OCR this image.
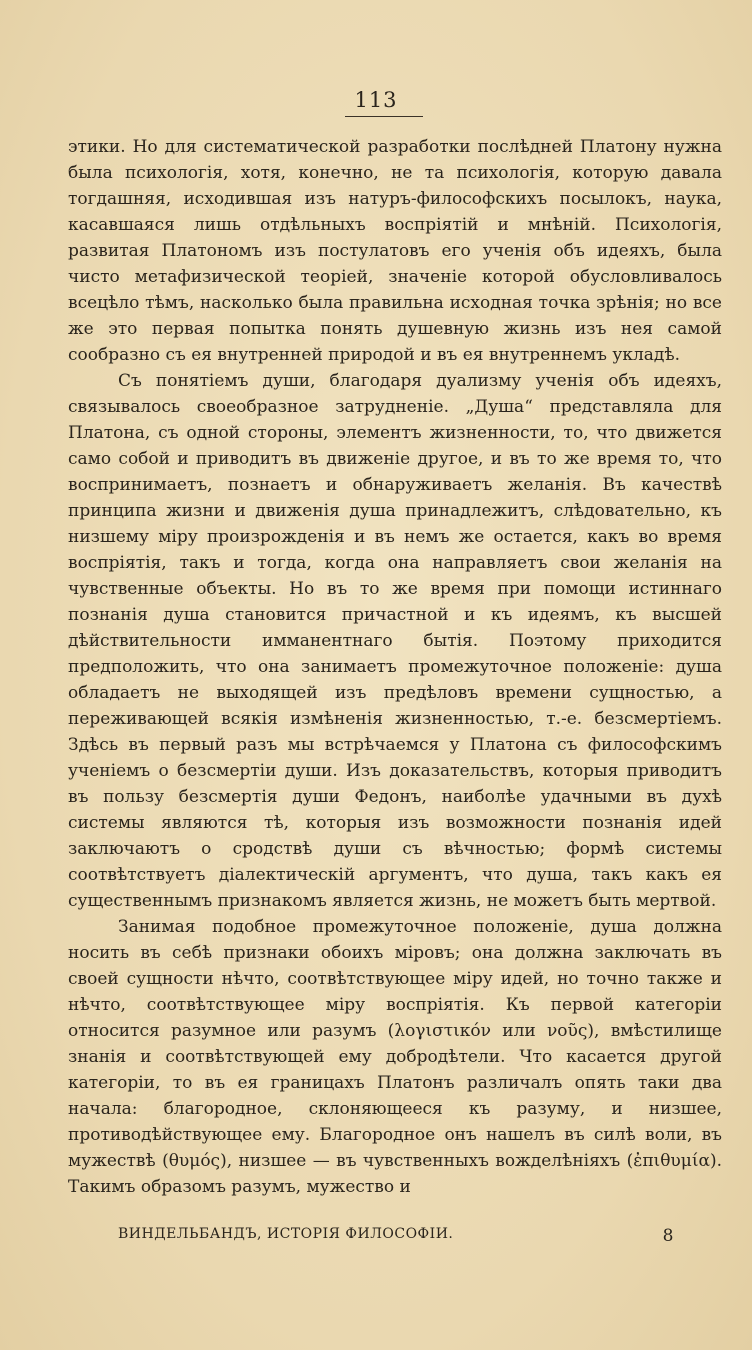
113

этики. Но для систематической разработки послѣдней Платону нужна была психологія, хотя, конечно, не та психологія, которую давала тогдашняя, исходившая изъ натуръ-философскихъ посылокъ, наука, касавшаяся лишь отдѣльныхъ воспріятій и мнѣній. Психологія, развитая Платономъ изъ постулатовъ его ученія объ идеяхъ, была чисто метафизической теоріей, значеніе которой обусловливалось всецѣло тѣмъ, насколько была правильна исходная точка зрѣнія; но все же это первая попытка понять душевную жизнь изъ нея самой сообразно съ ея внутренней природой и въ ея внутреннемъ укладѣ.

Съ понятіемъ души, благодаря дуализму ученія объ идеяхъ, связывалось своеобразное затрудненіе. „Душа“ представляла для Платона, съ одной стороны, элементъ жизненности, то, что движется само собой и приводитъ въ движеніе другое, и въ то же время то, что воспринимаетъ, познаетъ и обнаруживаетъ желанія. Въ качествѣ принципа жизни и движенія душа принадлежитъ, слѣдовательно, къ низшему міру произрожденія и въ немъ же остается, какъ во время воспріятія, такъ и тогда, когда она направляетъ свои желанія на чувственные объекты. Но въ то же время при помощи истиннаго познанія душа становится причастной и къ идеямъ, къ высшей дѣйствительности имманентнаго бытія. Поэтому приходится предположить, что она занимаетъ промежуточное положеніе: душа обладаетъ не выходящей изъ предѣловъ времени сущностью, а переживающей всякія измѣненія жизненностью, т.-е. безсмертіемъ. Здѣсь въ первый разъ мы встрѣчаемся у Платона съ философскимъ ученіемъ о безсмертіи души. Изъ доказательствъ, которыя приводитъ въ пользу безсмертія души Федонъ, наиболѣе удачными въ духѣ системы являются тѣ, которыя изъ возможности познанія идей заключаютъ о сродствѣ души съ вѣчностью; формѣ системы соотвѣтствуетъ діалектическій аргументъ, что душа, такъ какъ ея существеннымъ признакомъ является жизнь, не можетъ быть мертвой.

Занимая подобное промежуточное положеніе, душа должна носить въ себѣ признаки обоихъ міровъ; она должна заключать въ своей сущности нѣчто, соотвѣтствующее міру идей, но точно также и нѣчто, соотвѣтствующее міру воспріятія. Къ первой категоріи относится разумное или разумъ (λογιστικόν или νοῦς), вмѣстилище знанія и соотвѣтствующей ему добродѣтели. Что касается другой категоріи, то въ ея границахъ Платонъ различалъ опять таки два начала: благородное, склоняющееся къ разуму, и низшее, противодѣйствующее ему. Благородное онъ нашелъ въ силѣ воли, въ мужествѣ (θυμός), низшее — въ чувственныхъ вожделѣніяхъ (ἐπιθυμία). Такимъ образомъ разумъ, мужество и

ВИНДЕЛЬБАНДЪ, ИСТОРІЯ ФИЛОСОФІИ.	8
